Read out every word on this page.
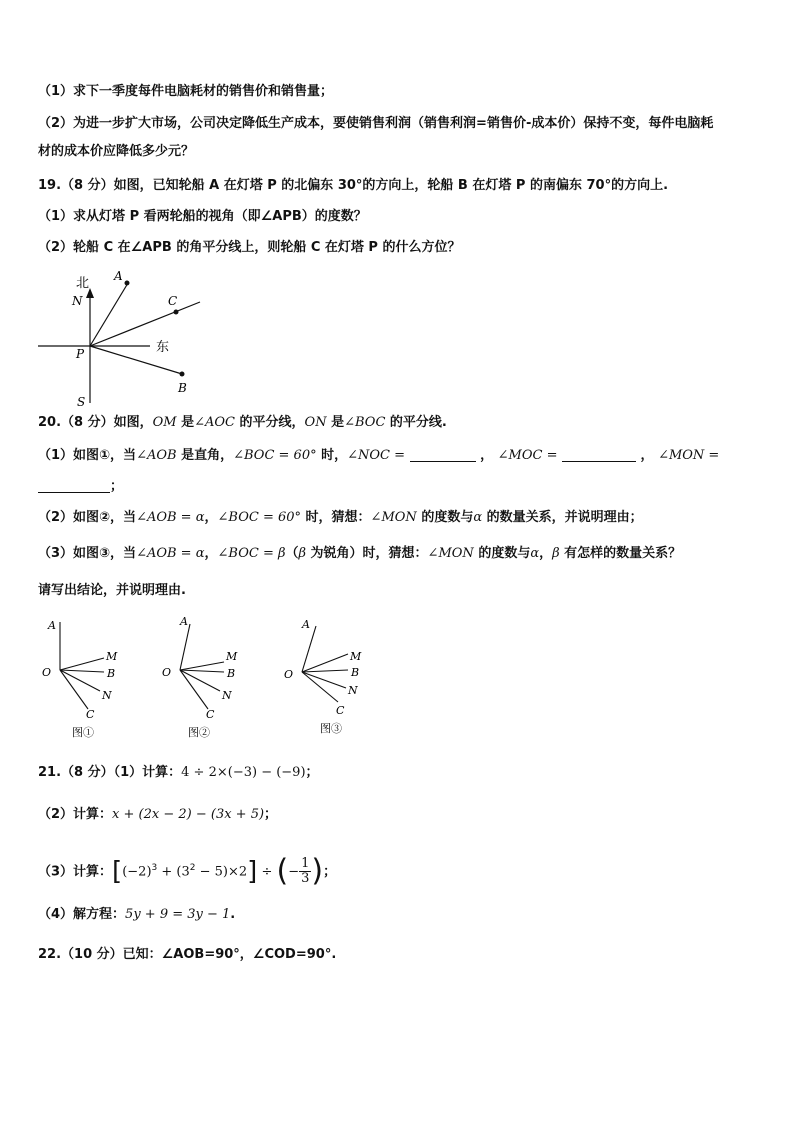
（1）求下一季度每件电脑耗材的销售价和销售量；
（2）为进一步扩大市场，公司决定降低生产成本，要使销售利润（销售利润=销售价-成本价）保持不变，每件电脑耗
材的成本价应降低多少元？
19.（8 分）如图，已知轮船 A 在灯塔 P 的北偏东 30°的方向上，轮船 B 在灯塔 P 的南偏东 70°的方向上.
（1）求从灯塔 P 看两轮船的视角（即∠APB）的度数？
（2）轮船 C 在∠APB 的角平分线上，则轮船 C 在灯塔 P 的什么方位？
北
N
A
C
P	东
B
S
20.（8 分）如图，OM 是∠AOC 的平分线，ON 是∠BOC 的平分线.
（1）如图①，当∠AOB 是直角，∠BOC = 60° 时，∠NOC =	， ∠MOC =	， ∠MON =
；
（2）如图②，当∠AOB = α，∠BOC = 60° 时，猜想：∠MON 的度数与α 的数量关系，并说明理由；
（3）如图③，当∠AOB = α，∠BOC = β（β 为锐角）时，猜想：∠MON 的度数与α，β 有怎样的数量关系？
请写出结论，并说明理由.
A
O
M
B
N
C
图①
A
O
M
B
N
C
图②
A
O
M
B
N
C
图③
21.（8 分）（1）计算：4 ÷ 2×(−3) − (−9)；
（2）计算：x + (2x − 2) − (3x + 5)；
（3）计算：$[(-2)^3 + (3^2 - 5)\times 2]$ ÷ (− $\frac{1}{3}$ )；
（4）解方程：5y + 9 = 3y − 1.
22.（10 分）已知：∠AOB=90°，∠COD=90°.
